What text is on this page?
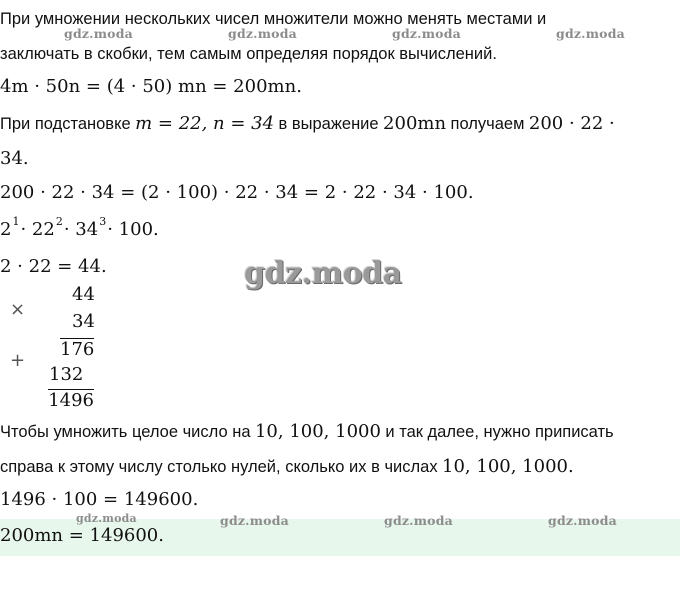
gdz.moda	gdz.moda	gdz.moda	gdz.moda
gdz.moda	gdz.moda	gdz.moda	gdz.moda
gdz.moda
При умножении нескольких чисел множители можно менять местами и
заключать в скобки, тем самым определяя порядок вычислений.
4m · 50n = (4 · 50) mn = 200mn.
При подстановке m = 22, n = 34 в выражение 200mn получаем 200 · 22 ·
34.
200 · 22 · 34 = (2 · 100) · 22 · 34 = 2 · 22 · 34 · 100.
$2^1\cdot 22^2\cdot 34^3\cdot 100$.
2 · 22 = 44.
×
44
34
176
+
132
1496
Чтобы умножить целое число на 10, 100, 1000 и так далее, нужно приписать
справа к этому числу столько нулей, сколько их в числах 10, 100, 1000.
1496 · 100 = 149600.
200mn = 149600.
